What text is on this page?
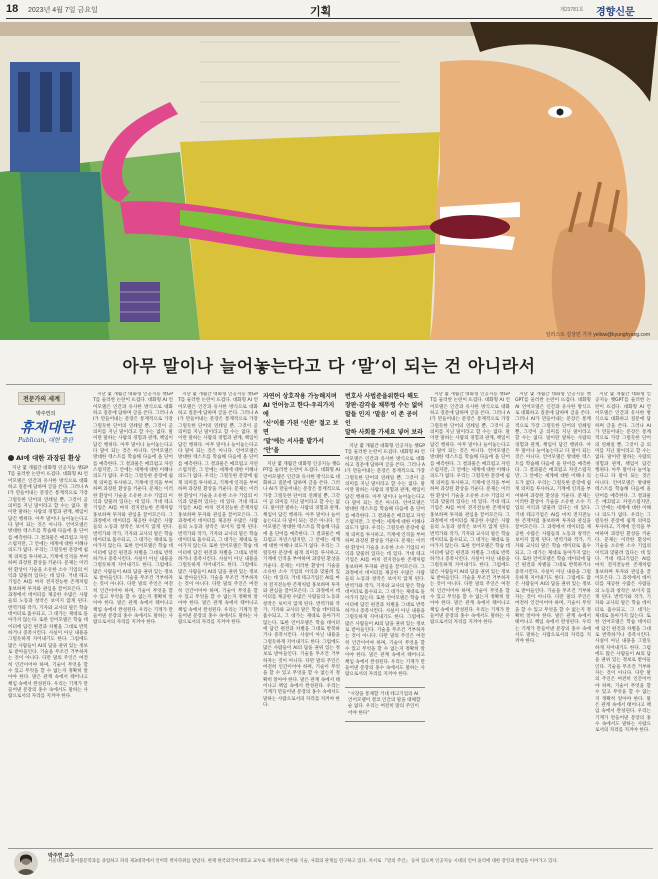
18 2023년 4월 7일 금요일	기획	제23781호 경향신문
일러스트 김상민 기자 yellow@kyunghyang.com
아무 말이나 늘어놓는다고 다 ‘말’이 되는 건 아니라서
전문가의 세계
박주연의
휴재대란
Publican, 대한 출판
AI에 대한 과장된 환상

지난 몇 개월간 대화형 인공지능 챗GPT를 둘러싼 논란이 뜨겁다. 대화형 AI 언어모델은 인간과 유사한 방식으로 대화하고 질문에 답하며 글을 쓴다. 그러나 AI가 만들어내는 문장은 통계적으로 가장 그럴듯한 단어의 연쇄일 뿐, 그것이 곧 의미를 지닌 말이라고 할 수는 없다. 말이란 말하는 사람의 경험과 관계, 책임이 담긴 행위다. 아무 말이나 늘어놓는다고 다 말이 되는 것은 아니다. 언어모델은 방대한 텍스트를 학습해 다음에 올 단어를 예측한다. 그 결과물은 매끄럽고 자연스럽지만, 그 안에는 세계에 대한 이해나 의도가 없다. 우리는 그럴듯한 문장에 쉽게 의미를 투사하고, 기계에 인격을 부여하며 과장된 환상을 키운다. 문제는 이러한 환상이 기술을 소유한 소수 기업의 이익과 맞물려 있다는 데 있다. 거대 테크기업은 AI를 마치 전지전능한 존재처럼 홍보하며 투자와 관심을 끌어모은다. 그 과정에서 데이터를 제공한 수많은 사람들의 노동과 창작은 보이지 않게 된다. 번역가와 작가, 기자와 교사의 말은 학습 데이터로 흡수되고, 그 대가는 제대로 돌아가지 않는다. 또한 언어모델은 학습 데이터에 담긴 편견과 차별을 그대로 반복하거나 증폭시킨다. 사실이 아닌 내용을 그럴듯하게 지어내기도 한다. 그럼에도 많은 사람들이 AI의 답을 권위 있는 정보로 받아들인다. 기술을 무조건 거부하자는 것이 아니다. 다만 말의 주인은 여전히 인간이어야 하며, 기술이 무엇을 할 수 있고 무엇을 할 수 없는지 정확히 알아야 한다. 말은 관계 속에서 태어나고 책임 속에서 완성된다. 우리는 기계가 만들어낸 문장의 홍수 속에서도 말하는 사람으로서의 자리를 지켜야 한다.

지난 몇 개월간 대화형 인공지능 챗GPT를 둘러싼 논란이 뜨겁다. 대화형 AI 언어모델은 인간과 유사한 방식으로 대화하고 질문에 답하며 글을 쓴다. 그러나 AI가 만들어내는 문장은 통계적으로 가장 그럴듯한 단어의 연쇄일 뿐, 그것이 곧 의미를 지닌 말이라고 할 수는 없다. 말이란 말하는 사람의 경험과 관계, 책임이 담긴 행위다. 아무 말이나 늘어놓는다고 다 말이 되는 것은 아니다. 언어모델은 방대한 텍스트를 학습해 다음에 올 단어를 예측한다. 그 결과물은 매끄럽고 자연스럽지만, 그 안에는 세계에 대한 이해나 의도가 없다. 우리는 그럴듯한 문장에 쉽게 의미를 투사하고, 기계에 인격을 부여하며 과장된 환상을 키운다. 문제는 이러한 환상이 기술을 소유한 소수 기업의 이익과 맞물려 있다는 데 있다. 거대 테크기업은 AI를 마치 전지전능한 존재처럼 홍보하며 투자와 관심을 끌어모은다. 그 과정에서 데이터를 제공한 수많은 사람들의 노동과 창작은 보이지 않게 된다. 번역가와 작가, 기자와 교사의 말은 학습 데이터로 흡수되고, 그 대가는 제대로 돌아가지 않는다. 또한 언어모델은 학습 데이터에 담긴 편견과 차별을 그대로 반복하거나 증폭시킨다. 사실이 아닌 내용을 그럴듯하게 지어내기도 한다. 그럼에도 많은 사람들이 AI의 답을 권위 있는 정보로 받아들인다. 기술을 무조건 거부하자는 것이 아니다. 다만 말의 주인은 여전히 인간이어야 하며, 기술이 무엇을 할 수 있고 무엇을 할 수 없는지 정확히 알아야 한다. 말은 관계 속에서 태어나고 책임 속에서 완성된다. 우리는 기계가 만들어낸 문장의 홍수 속에서도 말하는 사람으로서의 자리를 지켜야 한다.

지난 몇 개월간 대화형 인공지능 챗GPT를 둘러싼 논란이 뜨겁다. 대화형 AI 언어모델은 인간과 유사한 방식으로 대화하고 질문에 답하며 글을 쓴다. 그러나 AI가 만들어내는 문장은 통계적으로 가장 그럴듯한 단어의 연쇄일 뿐, 그것이 곧 의미를 지닌 말이라고 할 수는 없다. 말이란 말하는 사람의 경험과 관계, 책임이 담긴 행위다. 아무 말이나 늘어놓는다고 다 말이 되는 것은 아니다. 언어모델은 방대한 텍스트를 학습해 다음에 올 단어를 예측한다. 그 결과물은 매끄럽고 자연스럽지만, 그 안에는 세계에 대한 이해나 의도가 없다. 우리는 그럴듯한 문장에 쉽게 의미를 투사하고, 기계에 인격을 부여하며 과장된 환상을 키운다. 문제는 이러한 환상이 기술을 소유한 소수 기업의 이익과 맞물려 있다는 데 있다. 거대 테크기업은 AI를 마치 전지전능한 존재처럼 홍보하며 투자와 관심을 끌어모은다. 그 과정에서 데이터를 제공한 수많은 사람들의 노동과 창작은 보이지 않게 된다. 번역가와 작가, 기자와 교사의 말은 학습 데이터로 흡수되고, 그 대가는 제대로 돌아가지 않는다. 또한 언어모델은 학습 데이터에 담긴 편견과 차별을 그대로 반복하거나 증폭시킨다. 사실이 아닌 내용을 그럴듯하게 지어내기도 한다. 그럼에도 많은 사람들이 AI의 답을 권위 있는 정보로 받아들인다. 기술을 무조건 거부하자는 것이 아니다. 다만 말의 주인은 여전히 인간이어야 하며, 기술이 무엇을 할 수 있고 무엇을 할 수 없는지 정확히 알아야 한다. 말은 관계 속에서 태어나고 책임 속에서 완성된다. 우리는 기계가 만들어낸 문장의 홍수 속에서도 말하는 사람으로서의 자리를 지켜야 한다.

자연어 상호작용 가능해지며
AI 언어능고 한다·우리가지에
‘신’이를 가된 ‘신판’ 절고 보면
‘말’에는 서사를 발가서 ‘안’을

지난 몇 개월간 대화형 인공지능 챗GPT를 둘러싼 논란이 뜨겁다. 대화형 AI 언어모델은 인간과 유사한 방식으로 대화하고 질문에 답하며 글을 쓴다. 그러나 AI가 만들어내는 문장은 통계적으로 가장 그럴듯한 단어의 연쇄일 뿐, 그것이 곧 의미를 지닌 말이라고 할 수는 없다. 말이란 말하는 사람의 경험과 관계, 책임이 담긴 행위다. 아무 말이나 늘어놓는다고 다 말이 되는 것은 아니다. 언어모델은 방대한 텍스트를 학습해 다음에 올 단어를 예측한다. 그 결과물은 매끄럽고 자연스럽지만, 그 안에는 세계에 대한 이해나 의도가 없다. 우리는 그럴듯한 문장에 쉽게 의미를 투사하고, 기계에 인격을 부여하며 과장된 환상을 키운다. 문제는 이러한 환상이 기술을 소유한 소수 기업의 이익과 맞물려 있다는 데 있다. 거대 테크기업은 AI를 마치 전지전능한 존재처럼 홍보하며 투자와 관심을 끌어모은다. 그 과정에서 데이터를 제공한 수많은 사람들의 노동과 창작은 보이지 않게 된다. 번역가와 작가, 기자와 교사의 말은 학습 데이터로 흡수되고, 그 대가는 제대로 돌아가지 않는다. 또한 언어모델은 학습 데이터에 담긴 편견과 차별을 그대로 반복하거나 증폭시킨다. 사실이 아닌 내용을 그럴듯하게 지어내기도 한다. 그럼에도 많은 사람들이 AI의 답을 권위 있는 정보로 받아들인다. 기술을 무조건 거부하자는 것이 아니다. 다만 말의 주인은 여전히 인간이어야 하며, 기술이 무엇을 할 수 있고 무엇을 할 수 없는지 정확히 알아야 한다. 말은 관계 속에서 태어나고 책임 속에서 완성된다. 우리는 기계가 만들어낸 문장의 홍수 속에서도 말하는 사람으로서의 자리를 지켜야 한다.

번호사 사법준을위한다 해도
장판·감각을 채뚜렁 수는 없어
말들 인지 ‘말음’ 이 존 공이 인
말하 사회를 가세요 넣어 보라

지난 몇 개월간 대화형 인공지능 챗GPT를 둘러싼 논란이 뜨겁다. 대화형 AI 언어모델은 인간과 유사한 방식으로 대화하고 질문에 답하며 글을 쓴다. 그러나 AI가 만들어내는 문장은 통계적으로 가장 그럴듯한 단어의 연쇄일 뿐, 그것이 곧 의미를 지닌 말이라고 할 수는 없다. 말이란 말하는 사람의 경험과 관계, 책임이 담긴 행위다. 아무 말이나 늘어놓는다고 다 말이 되는 것은 아니다. 언어모델은 방대한 텍스트를 학습해 다음에 올 단어를 예측한다. 그 결과물은 매끄럽고 자연스럽지만, 그 안에는 세계에 대한 이해나 의도가 없다. 우리는 그럴듯한 문장에 쉽게 의미를 투사하고, 기계에 인격을 부여하며 과장된 환상을 키운다. 문제는 이러한 환상이 기술을 소유한 소수 기업의 이익과 맞물려 있다는 데 있다. 거대 테크기업은 AI를 마치 전지전능한 존재처럼 홍보하며 투자와 관심을 끌어모은다. 그 과정에서 데이터를 제공한 수많은 사람들의 노동과 창작은 보이지 않게 된다. 번역가와 작가, 기자와 교사의 말은 학습 데이터로 흡수되고, 그 대가는 제대로 돌아가지 않는다. 또한 언어모델은 학습 데이터에 담긴 편견과 차별을 그대로 반복하거나 증폭시킨다. 사실이 아닌 내용을 그럴듯하게 지어내기도 한다. 그럼에도 많은 사람들이 AI의 답을 권위 있는 정보로 받아들인다. 기술을 무조건 거부하자는 것이 아니다. 다만 말의 주인은 여전히 인간이어야 하며, 기술이 무엇을 할 수 있고 무엇을 할 수 없는지 정확히 알아야 한다. 말은 관계 속에서 태어나고 책임 속에서 완성된다. 우리는 기계가 만들어낸 문장의 홍수 속에서도 말하는 사람으로서의 자리를 지켜야 한다.

“시장을 통제할 거대 테크기업의 AI 언어모델이 결코 인간의 말을 대체할 순 없다. 우리는 여전히 말의 주인이어야 한다”

지난 몇 개월간 대화형 인공지능 챗GPT를 둘러싼 논란이 뜨겁다. 대화형 AI 언어모델은 인간과 유사한 방식으로 대화하고 질문에 답하며 글을 쓴다. 그러나 AI가 만들어내는 문장은 통계적으로 가장 그럴듯한 단어의 연쇄일 뿐, 그것이 곧 의미를 지닌 말이라고 할 수는 없다. 말이란 말하는 사람의 경험과 관계, 책임이 담긴 행위다. 아무 말이나 늘어놓는다고 다 말이 되는 것은 아니다. 언어모델은 방대한 텍스트를 학습해 다음에 올 단어를 예측한다. 그 결과물은 매끄럽고 자연스럽지만, 그 안에는 세계에 대한 이해나 의도가 없다. 우리는 그럴듯한 문장에 쉽게 의미를 투사하고, 기계에 인격을 부여하며 과장된 환상을 키운다. 문제는 이러한 환상이 기술을 소유한 소수 기업의 이익과 맞물려 있다는 데 있다. 거대 테크기업은 AI를 마치 전지전능한 존재처럼 홍보하며 투자와 관심을 끌어모은다. 그 과정에서 데이터를 제공한 수많은 사람들의 노동과 창작은 보이지 않게 된다. 번역가와 작가, 기자와 교사의 말은 학습 데이터로 흡수되고, 그 대가는 제대로 돌아가지 않는다. 또한 언어모델은 학습 데이터에 담긴 편견과 차별을 그대로 반복하거나 증폭시킨다. 사실이 아닌 내용을 그럴듯하게 지어내기도 한다. 그럼에도 많은 사람들이 AI의 답을 권위 있는 정보로 받아들인다. 기술을 무조건 거부하자는 것이 아니다. 다만 말의 주인은 여전히 인간이어야 하며, 기술이 무엇을 할 수 있고 무엇을 할 수 없는지 정확히 알아야 한다. 말은 관계 속에서 태어나고 책임 속에서 완성된다. 우리는 기계가 만들어낸 문장의 홍수 속에서도 말하는 사람으로서의 자리를 지켜야 한다.

지난 몇 개월간 대화형 인공지능 챗GPT를 둘러싼 논란이 뜨겁다. 대화형 AI 언어모델은 인간과 유사한 방식으로 대화하고 질문에 답하며 글을 쓴다. 그러나 AI가 만들어내는 문장은 통계적으로 가장 그럴듯한 단어의 연쇄일 뿐, 그것이 곧 의미를 지닌 말이라고 할 수는 없다. 말이란 말하는 사람의 경험과 관계, 책임이 담긴 행위다. 아무 말이나 늘어놓는다고 다 말이 되는 것은 아니다. 언어모델은 방대한 텍스트를 학습해 다음에 올 단어를 예측한다. 그 결과물은 매끄럽고 자연스럽지만, 그 안에는 세계에 대한 이해나 의도가 없다. 우리는 그럴듯한 문장에 쉽게 의미를 투사하고, 기계에 인격을 부여하며 과장된 환상을 키운다. 문제는 이러한 환상이 기술을 소유한 소수 기업의 이익과 맞물려 있다는 데 있다. 거대 테크기업은 AI를 마치 전지전능한 존재처럼 홍보하며 투자와 관심을 끌어모은다. 그 과정에서 데이터를 제공한 수많은 사람들의 노동과 창작은 보이지 않게 된다. 번역가와 작가, 기자와 교사의 말은 학습 데이터로 흡수되고, 그 대가는 제대로 돌아가지 않는다. 또한 언어모델은 학습 데이터에 담긴 편견과 차별을 그대로 반복하거나 증폭시킨다. 사실이 아닌 내용을 그럴듯하게 지어내기도 한다. 그럼에도 많은 사람들이 AI의 답을 권위 있는 정보로 받아들인다. 기술을 무조건 거부하자는 것이 아니다. 다만 말의 주인은 여전히 인간이어야 하며, 기술이 무엇을 할 수 있고 무엇을 할 수 없는지 정확히 알아야 한다. 말은 관계 속에서 태어나고 책임 속에서 완성된다. 우리는 기계가 만들어낸 문장의 홍수 속에서도 말하는 사람으로서의 자리를 지켜야 한다.

지난 몇 개월간 대화형 인공지능 챗GPT를 둘러싼 논란이 뜨겁다. 대화형 AI 언어모델은 인간과 유사한 방식으로 대화하고 질문에 답하며 글을 쓴다. 그러나 AI가 만들어내는 문장은 통계적으로 가장 그럴듯한 단어의 연쇄일 뿐, 그것이 곧 의미를 지닌 말이라고 할 수는 없다. 말이란 말하는 사람의 경험과 관계, 책임이 담긴 행위다. 아무 말이나 늘어놓는다고 다 말이 되는 것은 아니다. 언어모델은 방대한 텍스트를 학습해 다음에 올 단어를 예측한다. 그 결과물은 매끄럽고 자연스럽지만, 그 안에는 세계에 대한 이해나 의도가 없다. 우리는 그럴듯한 문장에 쉽게 의미를 투사하고, 기계에 인격을 부여하며 과장된 환상을 키운다. 문제는 이러한 환상이 기술을 소유한 소수 기업의 이익과 맞물려 있다는 데 있다. 거대 테크기업은 AI를 마치 전지전능한 존재처럼 홍보하며 투자와 관심을 끌어모은다. 그 과정에서 데이터를 제공한 수많은 사람들의 노동과 창작은 보이지 않게 된다. 번역가와 작가, 기자와 교사의 말은 학습 데이터로 흡수되고, 그 대가는 제대로 돌아가지 않는다. 또한 언어모델은 학습 데이터에 담긴 편견과 차별을 그대로 반복하거나 증폭시킨다. 사실이 아닌 내용을 그럴듯하게 지어내기도 한다. 그럼에도 많은 사람들이 AI의 답을 권위 있는 정보로 받아들인다. 기술을 무조건 거부하자는 것이 아니다. 다만 말의 주인은 여전히 인간이어야 하며, 기술이 무엇을 할 수 있고 무엇을 할 수 없는지 정확히 알아야 한다. 말은 관계 속에서 태어나고 책임 속에서 완성된다. 우리는 기계가 만들어낸 문장의 홍수 속에서도 말하는 사람으로서의 자리를 지켜야 한다.

박주연 교수
서울대학교 불어불문학과를 졸업하고 파리 제3대학에서 언어학 박사학위를 받았다. 현재 한국외국어대학교 교수로 재직하며 언어와 기술, 사회의 관계를 연구하고 있다. 저서로 『말의 주인』 등이 있으며 인공지능 시대의 언어 윤리에 대한 강연과 칼럼을 이어가고 있다.
